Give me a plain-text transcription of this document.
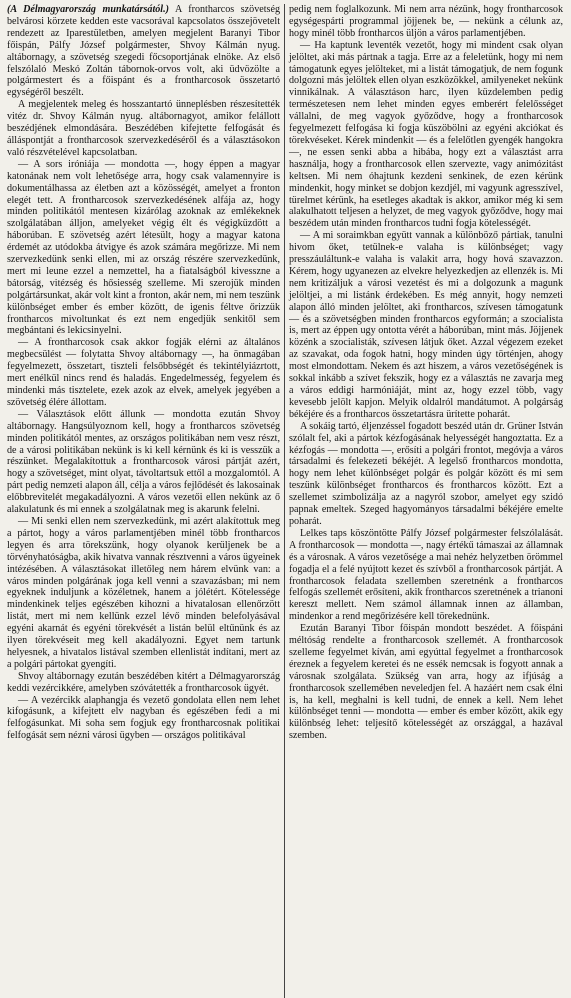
(A Délmagyarország munkatársától.) A frontharcos szövetség belvárosi körzete kedden este vacsorával kapcsolatos összejövetelt rendezett az Iparestületben, amelyen megjelent Baranyi Tibor főispán, Pálfy József polgármester, Shvoy Kálmán nyug. altábornagy, a szövetség szegedi főcsoportjának elnöke. Az első felszólaló Meskó Zoltán tábornok-orvos volt, aki üdvözölte a polgármestert és a főispánt és a frontharcosok összetartó egységéről beszélt.

A megjelentek meleg és hosszantartó ünneplésben részesítették vitéz dr. Shvoy Kálmán nyug. altábornagyot, amikor felállott beszédjének elmondására. Beszédében kifejtette felfogását és álláspontját a frontharcosok szervezkedéséről és a választásokon való részvételével kapcsolatban.

— A sors iróniája — mondotta —, hogy éppen a magyar katonának nem volt lehetősége arra, hogy csak valamennyire is dokumentálhassa az életben azt a közösségét, amelyet a fronton elegét tett. A frontharcosok szervezkedésének alfája az, hogy minden politikától mentesen kizárólag azoknak az emlékeknek szolgálatában álljon, amelyeket végig élt és végigküzdött a háborúban. E szövetség azért létesült, hogy a magyar katona érdemét az utódokba átvigye és azok számára megőrizze. Mi nem szervezkedünk senki ellen, mi az ország részére szervezkedünk, mert mi leune ezzel a nemzettel, ha a fiatalságból kivesszne a bátorság, vitézség és hősiesség szelleme. Mi szerojük minden polgártársunkat, akár volt kint a fronton, akár nem, mi nem teszünk különbséget ember és ember között, de igenis féltve őrizzük frontharcos mivoltunkat és ezt nem engedjük senkitől sem megbántani és lekicsinyelni.

— A frontharcosok csak akkor fogják elérni az általános megbecsülést — folytatta Shvoy altábornagy —, ha önmagában fegyelmezett, összetart, tiszteli felsőbbségét és tekintélyiázrtott, mert enélkül nincs rend és haladás. Engedelmesség, fegyelem és mindenki más tisztelete, ezek azok az elvek, amelyek jegyében a szövetség élére állottam.

— Választások előtt állunk — mondotta ezután Shvoy altábornagy. Hangsúlyoznom kell, hogy a frontharcos szövetség minden politikától mentes, az országos politikában nem vesz részt, de a városi politikában nekünk is ki kell kérnünk és ki is vesszük a részünket. Megalakítottuk a frontharcosok városi pártját azért, hogy a szövetséget, mint olyat, távoltartsuk ettől a mozgalomtól. A párt pedig nemzeti alapon áll, célja a város fejlődését és lakosainak előbbrevitelét megakadályozni. A város vezetői ellen nekünk az ő alakulatunk és mi ennek a szolgálatnak meg is akarunk felelni.

— Mi senki ellen nem szervezkedünk, mi azért alakítottuk meg a pártot, hogy a város parlamentjében minél több frontharcos legyen és arra törekszünk, hogy olyanok kerüljenek be a törvényhatóságba, akik hivatva vannak résztvenni a város ügyeinek intézésében. A választásokat illetőleg nem hárem elvünk van: a város minden polgárának joga kell venni a szavazásban; mi nem egyeknek induljunk a közéletnek, hanem a jólétért. Kötelessége mindenkinek teljes egészében kihozni a hivatalosan ellenőrzött listát, mert mi nem kellünk ezzel lévő minden belefolyásával egyéni akarnát és egyéni törekvését a listán belül eltűnünk és az ilyen törekvéseit meg kell akadályozni. Egyet nem tartunk helyesnek, a hivatalos listával szemben ellenlistát indítani, mert az a polgári pártokat gyengíti.

Shvoy altábornagy ezután beszédében kitért a Délmagyarország keddi vezércikkére, amelyben szóvátették a frontharcosok ügyét.

— A vezércikk alaphangja és vezető gondolata ellen nem lehet kifogásunk, a kifejtett elv nagyban és egészében fedi a mi felfogásunkat. Mi soha sem fogjuk egy frontharcosnak politikai felfogását sem nézni városi ügyben — országos politikával

pedig nem foglalkozunk. Mi nem arra nézünk, hogy frontharcosok egységespárti programmal jöjjenek be, — nekünk a célunk az, hogy minél több frontharcos üljön a város parlamentjében.

— Ha kaptunk leventék vezetőt, hogy mi mindent csak olyan jelöltet, aki más pártnak a tagja. Erre az a feleletünk, hogy mi nem támogatunk egyes jelölteket, mi a listát támogatjuk, de nem fogunk dolgozni más jelöltek ellen olyan eszközökkel, amilyeneket nekünk vinnikálnak. A választáson harc, ilyen küzdelemben pedig természetesen nem lehet minden egyes emberért felelősséget vállalni, de meg vagyok győződve, hogy a frontharcosok fegyelmezett felfogása ki fogja küszöbölni az egyéni akciókat és törekvéseket. Kérek mindenkit — és a felelőtlen gyengék hangokra —, ne essen senki abba a hibába, hogy ezt a választást arra használja, hogy a frontharcosok ellen szervezte, vagy animózitást keltsen. Mi nem óhajtunk kezdeni senkinek, de ezen kérünk mindenkit, hogy minket se dobjon kezdjél, mi vagyunk agresszível, türelmet kérünk, ha esetleges akadtak is akkor, amikor még ki sem alakulhatott teljesen a helyzet, de meg vagyok győződve, hogy mai beszédem után minden frontharcos tudni fogja kötelességét.

— A mi soraimkban együtt vannak a különböző pártiak, tanulni hivom őket, tetülnek-e valaha is különbséget; vagy presszáuláltunk-e valaha is valakit arra, hogy hová szavazzon. Kérem, hogy ugyanezen az elvekre helyezkedjen az ellenzék is. Mi nem kritizáljuk a városi vezetést és mi a dolgozunk a magunk jelöltjei, a mi listánk érdekében. Es még annyit, hogy nemzeti alapon álló minden jelöltet, aki frontharcos, szívesen támogatunk — és a szövetségben minden frontharcos egyformán; a szocialista is, mert az éppen ugy ontotta vérét a háborúban, mint más. Jöjjenek közénk a szocialisták, szívesen látjuk őket. Azzal végezem ezeket az szavakat, oda fogok hatni, hogy minden úgy történjen, ahogy most elmondottam. Nekem és azt hiszem, a város vezetőségének is sokkal inkább a szívet fekszik, hogy ez a választás ne zavarja meg a város eddigi harmóniáját, mint az, hogy ezzel több, vagy kevesebb jelölt kapjon. Melyik oldalról mandátumot. A polgárság békéjére és a frontharcos összetartásra ürítette poharát.

A sokáig tartó, éljenzéssel fogadott beszéd után dr. Grüner István szólalt fel, aki a pártok kézfogásának helyességét hangoztatta. Ez a kézfogás — mondotta —, erősíti a polgári frontot, megóvja a város társadalmi és felekezeti békéjét. A legelső frontharcos mondotta, hogy nem lehet különbséget polgár és polgár között és mi sem teszünk különbséget frontharcos és frontharcos között. Ezt a szellemet szimbolizálja az a nagyról szobor, amelyet egy szidó papnak emeltek. Szeged hagyományos társadalmi békéjére emelte poharát.

Lelkes taps köszöntötte Pálfy József polgármester felszólalását. A frontharcosok — mondotta —, nagy értékű támaszai az államnak és a városnak. A város vezetősége a mai nehéz helyzetben örömmel fogadja el a felé nyújtott kezet és szívből a frontharcosok pártját. A frontharcosok feladata szellemben szeretnénk a frontharcos felfogás szellemét erősíteni, akik frontharcos szeretnének a trianoni kereszt mellett. Nem számol államnak innen az államban, mindenkor a rend megőrizésére kell törekednünk.

Ezután Baranyi Tibor főispán mondott beszédet. A főispáni méltóság rendelte a frontharcosok szellemét. A frontharcosok szelleme fegyelmet kíván, ami egyúttal fegyelmet a frontharcosok éreznek a fegyelem keretei és ne essék nemcsak is fogyott annak a városnak szolgálata. Szükség van arra, hogy az ifjúság a frontharcosok szellemében neveledjen fel. A hazáért nem csak élni is, ha kell, meghalni is kell tudni, de ennek a kell. Nem lehet különbséget tenni — mondotta — ember és ember között, akik egy különbség lehet: teljesítő kötelességét az országgal, a hazával szemben.
